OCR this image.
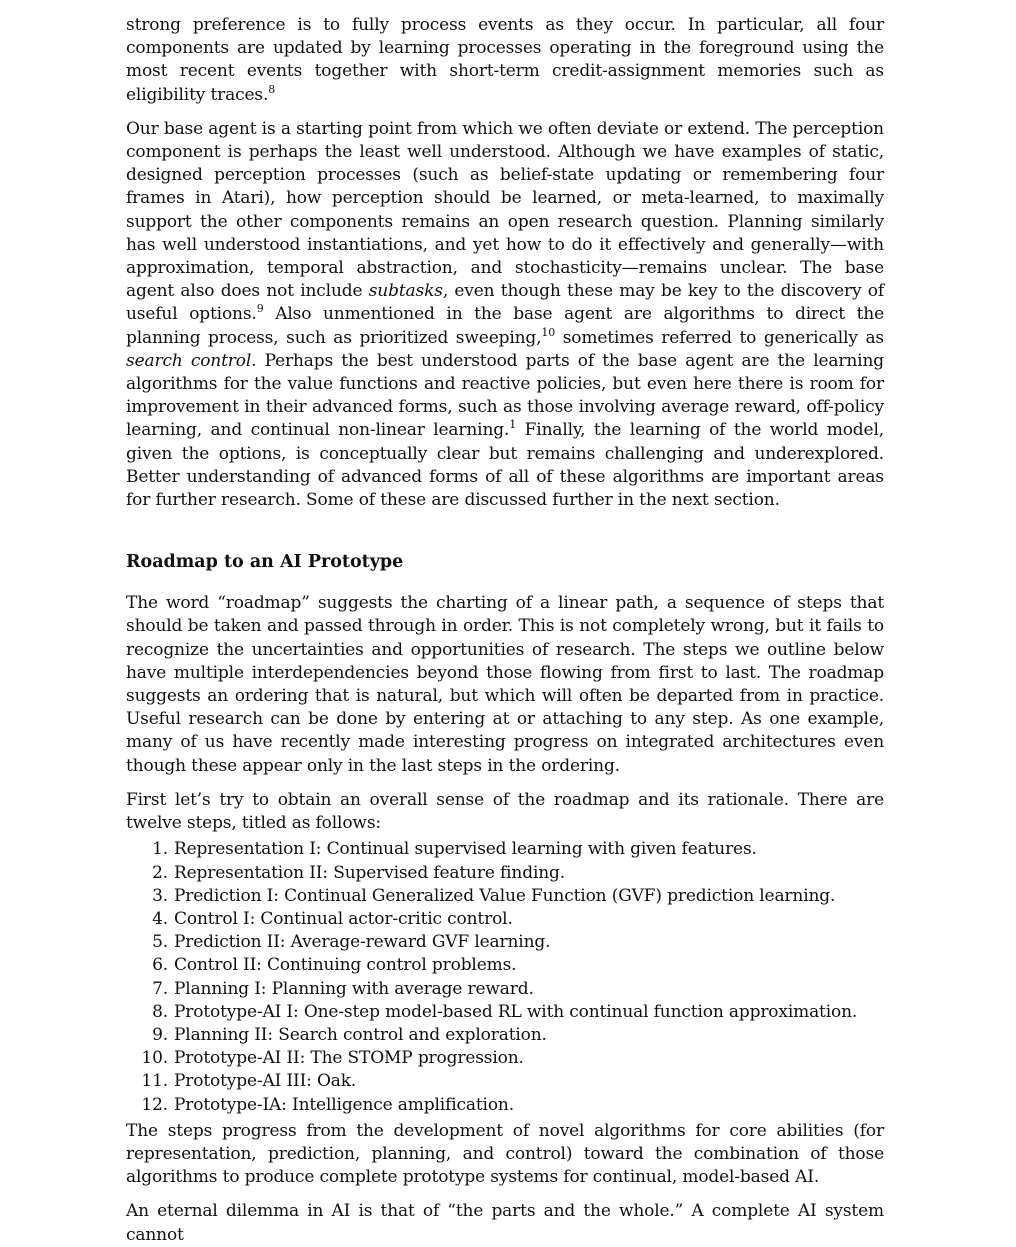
strong preference is to fully process events as they occur. In particular, all four components are updated by learning processes operating in the foreground using the most recent events together with short-term credit-assignment memories such as eligibility traces.$^8$

Our base agent is a starting point from which we often deviate or extend. The perception component is perhaps the least well understood. Although we have examples of static, designed perception processes (such as belief-state updating or remembering four frames in Atari), how perception should be learned, or meta-learned, to maximally support the other components remains an open research question. Planning similarly has well understood instantiations, and yet how to do it effectively and generally—with approximation, temporal abstraction, and stochasticity—remains unclear. The base agent also does not include subtasks, even though these may be key to the discovery of useful options.$^9$ Also unmentioned in the base agent are algorithms to direct the planning process, such as prioritized sweeping,$^{10}$ sometimes referred to generically as search control. Perhaps the best understood parts of the base agent are the learning algorithms for the value functions and reactive policies, but even here there is room for improvement in their advanced forms, such as those involving average reward, off-policy learning, and continual non-linear learning.$^1$ Finally, the learning of the world model, given the options, is conceptually clear but remains challenging and underexplored. Better understanding of advanced forms of all of these algorithms are important areas for further research. Some of these are discussed further in the next section.

Roadmap to an AI Prototype

The word “roadmap” suggests the charting of a linear path, a sequence of steps that should be taken and passed through in order. This is not completely wrong, but it fails to recognize the uncertainties and opportunities of research. The steps we outline below have multiple interdependencies beyond those flowing from first to last. The roadmap suggests an ordering that is natural, but which will often be departed from in practice. Useful research can be done by entering at or attaching to any step. As one example, many of us have recently made interesting progress on integrated architectures even though these appear only in the last steps in the ordering.

First let’s try to obtain an overall sense of the roadmap and its rationale. There are twelve steps, titled as follows:

1. Representation I: Continual supervised learning with given features.
2. Representation II: Supervised feature finding.
3. Prediction I: Continual Generalized Value Function (GVF) prediction learning.
4. Control I: Continual actor-critic control.
5. Prediction II: Average-reward GVF learning.
6. Control II: Continuing control problems.
7. Planning I: Planning with average reward.
8. Prototype-AI I: One-step model-based RL with continual function approximation.
9. Planning II: Search control and exploration.
10. Prototype-AI II: The STOMP progression.
11. Prototype-AI III: Oak.
12. Prototype-IA: Intelligence amplification.

The steps progress from the development of novel algorithms for core abilities (for representation, prediction, planning, and control) toward the combination of those algorithms to produce complete prototype systems for continual, model-based AI.

An eternal dilemma in AI is that of “the parts and the whole.” A complete AI system cannot
